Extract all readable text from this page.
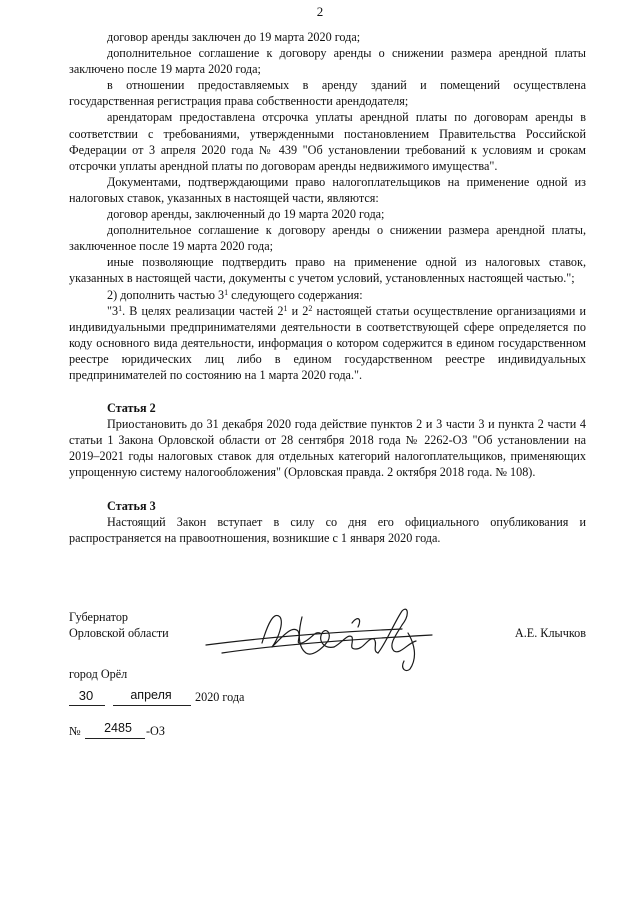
2

договор аренды заключен до 19 марта 2020 года;

дополнительное соглашение к договору аренды о снижении размера арендной платы заключено после 19 марта 2020 года;

в отношении предоставляемых в аренду зданий и помещений осуществлена государственная регистрация права собственности арендодателя;

арендаторам предоставлена отсрочка уплаты арендной платы по договорам аренды в соответствии с требованиями, утвержденными постановлением Правительства Российской Федерации от 3 апреля 2020 года № 439 "Об установлении требований к условиям и срокам отсрочки уплаты арендной платы по договорам аренды недвижимого имущества".

Документами, подтверждающими право налогоплательщиков на применение одной из налоговых ставок, указанных в настоящей части, являются:

договор аренды, заключенный до 19 марта 2020 года;

дополнительное соглашение к договору аренды о снижении размера арендной платы, заключенное после 19 марта 2020 года;

иные позволяющие подтвердить право на применение одной из налоговых ставок, указанных в настоящей части, документы с учетом условий, установленных настоящей частью.";

2) дополнить частью $3^1$ следующего содержания:

"$3^1$. В целях реализации частей $2^1$ и $2^2$ настоящей статьи осуществление организациями и индивидуальными предпринимателями деятельности в соответствующей сфере определяется по коду основного вида деятельности, информация о котором содержится в едином государственном реестре юридических лиц либо в едином государственном реестре индивидуальных предпринимателей по состоянию на 1 марта 2020 года.".

Статья 2

Приостановить до 31 декабря 2020 года действие пунктов 2 и 3 части 3 и пункта 2 части 4 статьи 1 Закона Орловской области от 28 сентября 2018 года № 2262-ОЗ "Об установлении на 2019–2021 годы налоговых ставок для отдельных категорий налогоплательщиков, применяющих упрощенную систему налогообложения" (Орловская правда. 2 октября 2018 года. № 108).

Статья 3

Настоящий Закон вступает в силу со дня его официального опубликования и распространяется на правоотношения, возникшие с 1 января 2020 года.

Губернатор
Орловской области	А.Е. Клычков
город Орёл
30	апреля	2020 года
№	2485	-ОЗ
